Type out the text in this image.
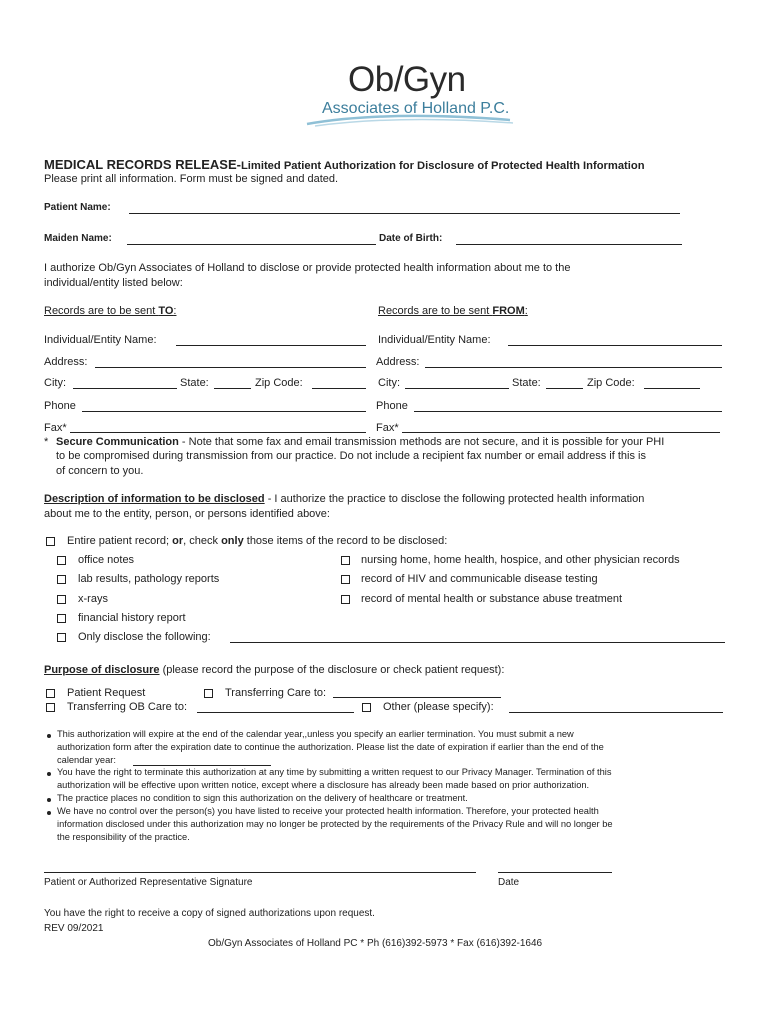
Ob/Gyn
Associates of Holland P.C.
MEDICAL RECORDS RELEASE-Limited Patient Authorization for Disclosure of Protected Health Information
Please print all information. Form must be signed and dated.
Patient Name:
Maiden Name:	Date of Birth:
I authorize Ob/Gyn Associates of Holland to disclose or provide protected health information about me to the
individual/entity listed below:
Records are to be sent TO:
Individual/Entity Name:
Address:
City:	State:	Zip Code:
Phone
Fax*
Records are to be sent FROM:
Individual/Entity Name:
Address:
City:	State:	Zip Code:
Phone
Fax*
* Secure Communication - Note that some fax and email transmission methods are not secure, and it is possible for your PHI
to be compromised during transmission from our practice. Do not include a recipient fax number or email address if this is
of concern to you.
Description of information to be disclosed - I authorize the practice to disclose the following protected health information
about me to the entity, person, or persons identified above:
Entire patient record; or, check only those items of the record to be disclosed:
office notes
lab results, pathology reports
x-rays
financial history report
Only disclose the following:
nursing home, home health, hospice, and other physician records
record of HIV and communicable disease testing
record of mental health or substance abuse treatment
Purpose of disclosure (please record the purpose of the disclosure or check patient request):
Patient Request	Transferring Care to:
Transferring OB Care to:	Other (please specify):
This authorization will expire at the end of the calendar year,,unless you specify an earlier termination. You must submit a new
authorization form after the expiration date to continue the authorization. Please list the date of expiration if earlier than the end of the
calendar year:
You have the right to terminate this authorization at any time by submitting a written request to our Privacy Manager. Termination of this
authorization will be effective upon written notice, except where a disclosure has already been made based on prior authorization.
The practice places no condition to sign this authorization on the delivery of healthcare or treatment.
We have no control over the person(s) you have listed to receive your protected health information. Therefore, your protected health
information disclosed under this authorization may no longer be protected by the requirements of the Privacy Rule and will no longer be
the responsibility of the practice.
Patient or Authorized Representative Signature	Date
You have the right to receive a copy of signed authorizations upon request.
REV 09/2021
Ob/Gyn Associates of Holland PC * Ph (616)392-5973 * Fax (616)392-1646
